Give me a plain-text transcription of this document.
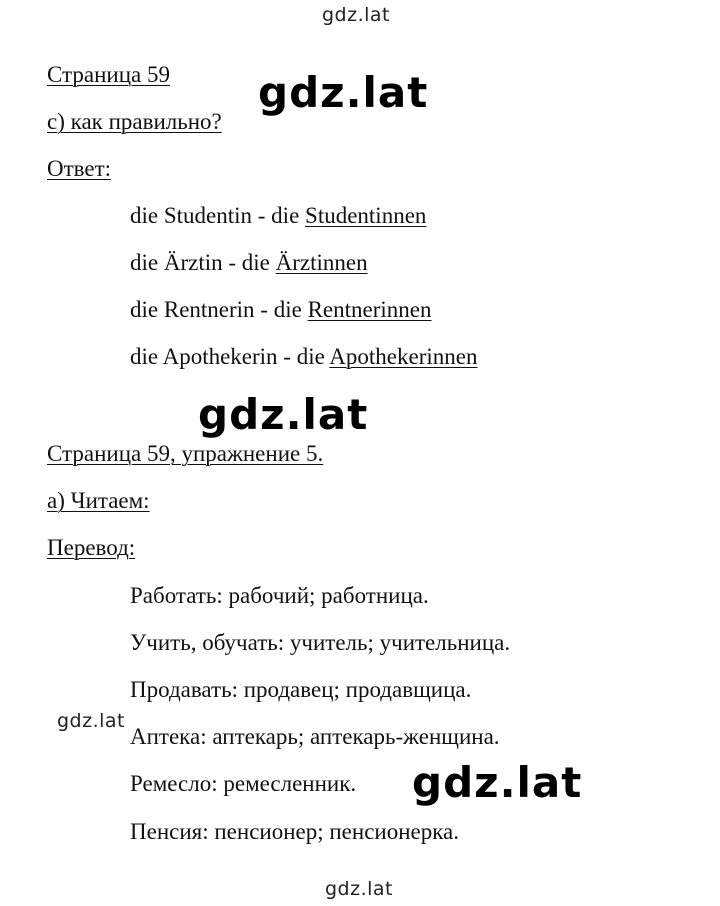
gdz.lat
gdz.lat
gdz.lat
gdz.lat
gdz.lat
gdz.lat
Страница 59
c) как правильно?
Ответ:
die Studentin - die Studentinnen
die Ärztin - die Ärztinnen
die Rentnerin - die Rentnerinnen
die Apothekerin - die Apothekerinnen
Страница 59, упражнение 5.
а) Читаем:
Перевод:
Работать: рабочий; работница.
Учить, обучать: учитель; учительница.
Продавать: продавец; продавщица.
Аптека: аптекарь; аптекарь-женщина.
Ремесло: ремесленник.
Пенсия: пенсионер; пенсионерка.
